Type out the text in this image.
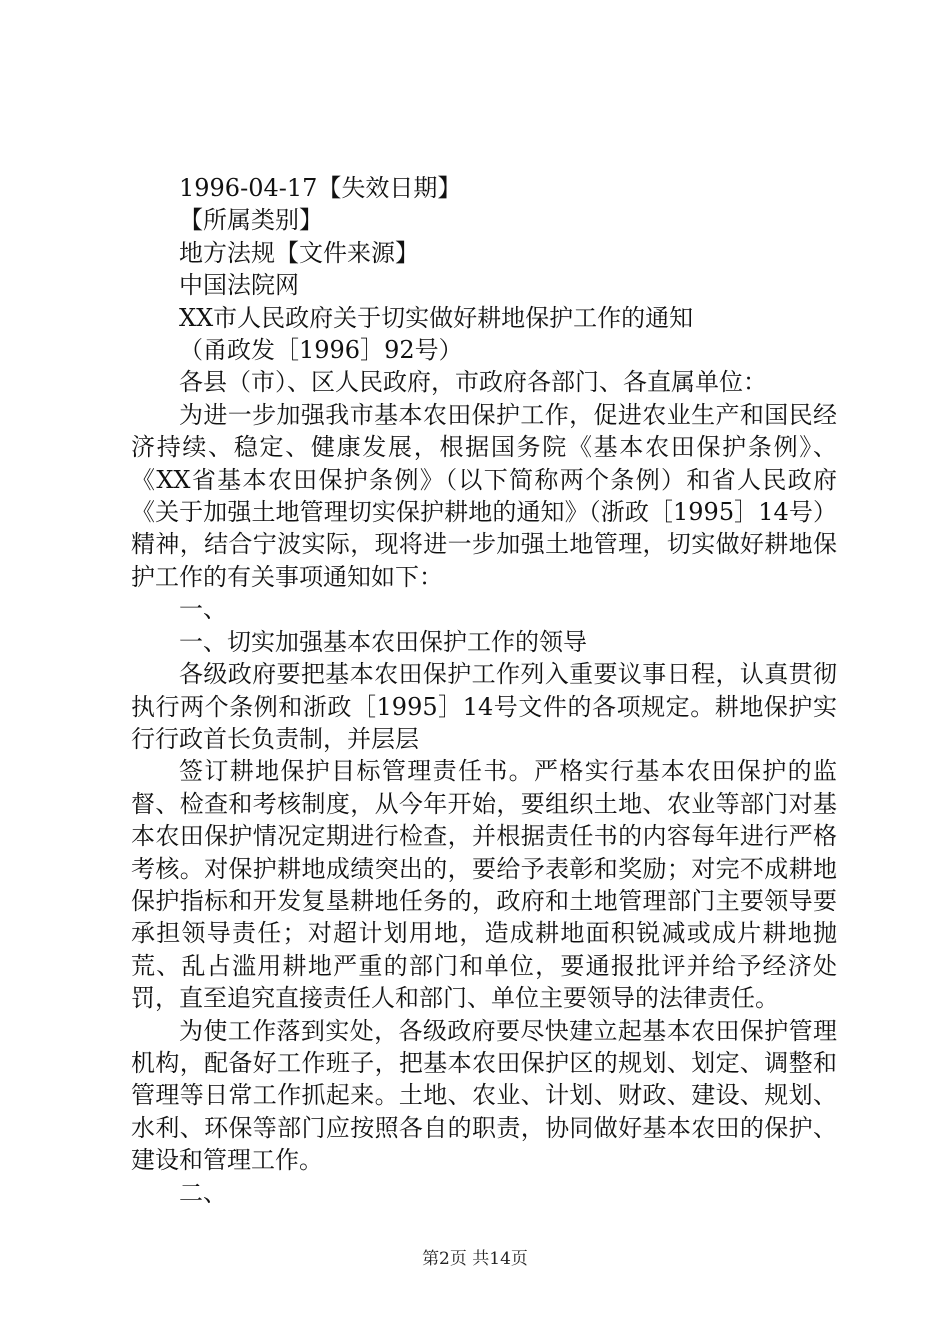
1996-04-17【失效日期】

【所属类别】

地方法规【文件来源】

中国法院网

XX市人民政府关于切实做好耕地保护工作的通知

（甬政发［1996］92号）

各县（市）、区人民政府，市政府各部门、各直属单位：

为进一步加强我市基本农田保护工作，促进农业生产和国民经济持续、稳定、健康发展，根据国务院《基本农田保护条例》、《XX省基本农田保护条例》（以下简称两个条例）和省人民政府《关于加强土地管理切实保护耕地的通知》（浙政［1995］14号）精神，结合宁波实际，现将进一步加强土地管理，切实做好耕地保护工作的有关事项通知如下：

一、

一、切实加强基本农田保护工作的领导

各级政府要把基本农田保护工作列入重要议事日程，认真贯彻执行两个条例和浙政［1995］14号文件的各项规定。耕地保护实行行政首长负责制，并层层

签订耕地保护目标管理责任书。严格实行基本农田保护的监督、检查和考核制度，从今年开始，要组织土地、农业等部门对基本农田保护情况定期进行检查，并根据责任书的内容每年进行严格考核。对保护耕地成绩突出的，要给予表彰和奖励；对完不成耕地保护指标和开发复垦耕地任务的，政府和土地管理部门主要领导要承担领导责任；对超计划用地，造成耕地面积锐减或成片耕地抛荒、乱占滥用耕地严重的部门和单位，要通报批评并给予经济处罚，直至追究直接责任人和部门、单位主要领导的法律责任。

为使工作落到实处，各级政府要尽快建立起基本农田保护管理机构，配备好工作班子，把基本农田保护区的规划、划定、调整和管理等日常工作抓起来。土地、农业、计划、财政、建设、规划、水利、环保等部门应按照各自的职责，协同做好基本农田的保护、建设和管理工作。

二、

第2页 共14页
